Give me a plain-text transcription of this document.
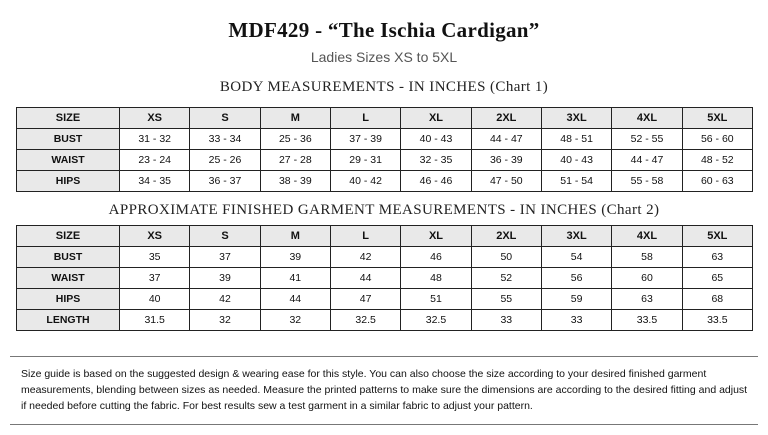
MDF429 - “The Ischia Cardigan”
Ladies Sizes XS to 5XL
BODY MEASUREMENTS - IN INCHES (Chart 1)
SIZE	XS	S	M	L	XL	2XL	3XL	4XL	5XL
BUST	31 - 32	33 - 34	25 - 36	37 - 39	40 - 43	44 - 47	48 - 51	52 - 55	56 - 60
WAIST	23 - 24	25 - 26	27 - 28	29 - 31	32 - 35	36 - 39	40 - 43	44 - 47	48 - 52
HIPS	34 - 35	36 - 37	38 - 39	40 - 42	46 - 46	47 - 50	51 - 54	55 - 58	60 - 63
APPROXIMATE FINISHED GARMENT MEASUREMENTS - IN INCHES (Chart 2)
SIZE	XS	S	M	L	XL	2XL	3XL	4XL	5XL
BUST	35	37	39	42	46	50	54	58	63
WAIST	37	39	41	44	48	52	56	60	65
HIPS	40	42	44	47	51	55	59	63	68
LENGTH	31.5	32	32	32.5	32.5	33	33	33.5	33.5
Size guide is based on the suggested design & wearing ease for this style. You can also choose the size according to your desired finished garment measurements, blending between sizes as needed. Measure the printed patterns to make sure the dimensions are according to the desired fitting and adjust if needed before cutting the fabric. For best results sew a test garment in a similar fabric to adjust your pattern.
